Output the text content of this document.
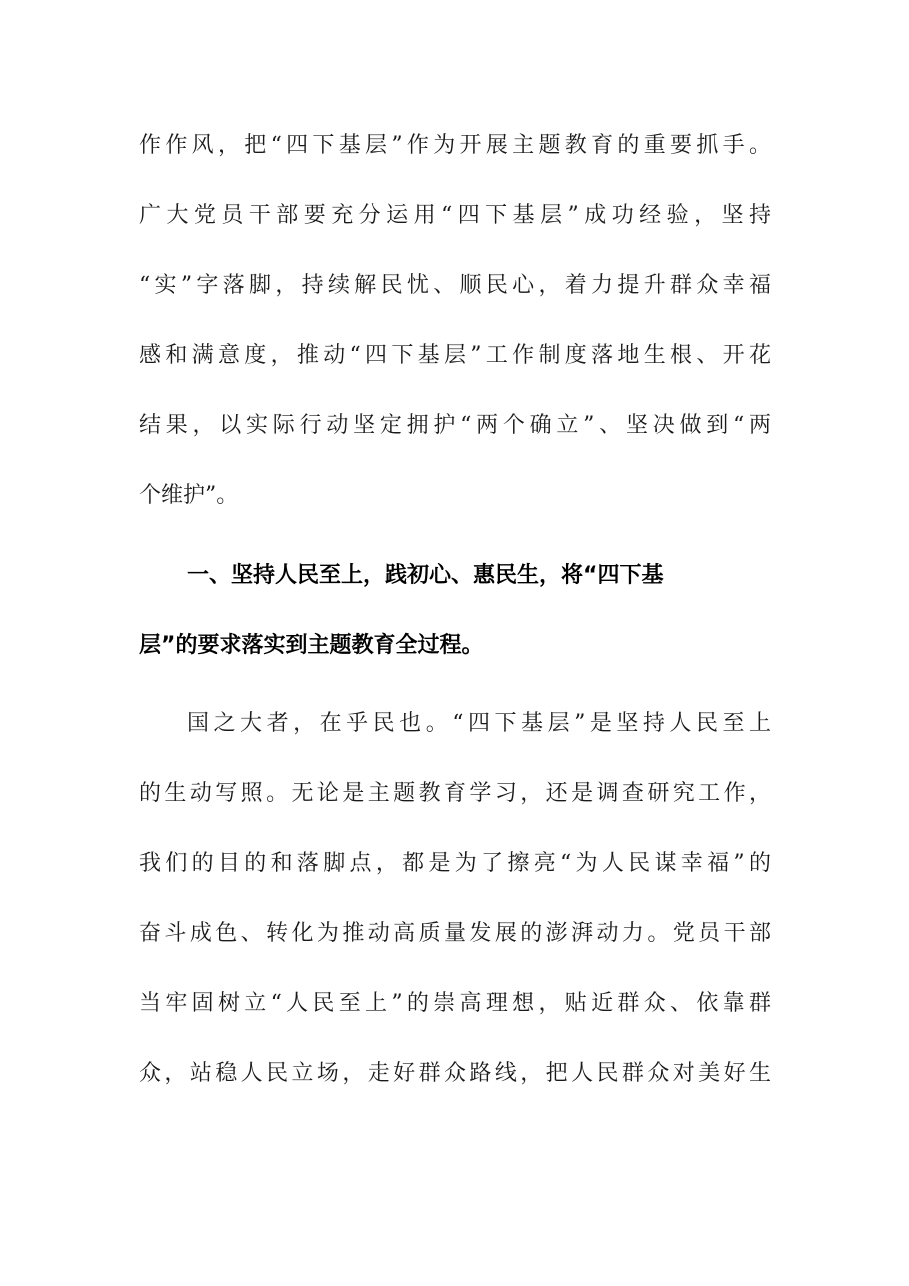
作作风，把“四下基层”作为开展主题教育的重要抓手。
广大党员干部要充分运用“四下基层”成功经验，坚持
“实”字落脚，持续解民忧、顺民心，着力提升群众幸福
感和满意度，推动“四下基层”工作制度落地生根、开花
结果，以实际行动坚定拥护“两个确立”、坚决做到“两
个维护”。
一、坚持人民至上，践初心、惠民生，将“四下基
层”的要求落实到主题教育全过程。
国之大者，在乎民也。“四下基层”是坚持人民至上
的生动写照。无论是主题教育学习，还是调查研究工作，
我们的目的和落脚点，都是为了擦亮“为人民谋幸福”的
奋斗成色、转化为推动高质量发展的澎湃动力。党员干部
当牢固树立“人民至上”的崇高理想，贴近群众、依靠群
众，站稳人民立场，走好群众路线，把人民群众对美好生
